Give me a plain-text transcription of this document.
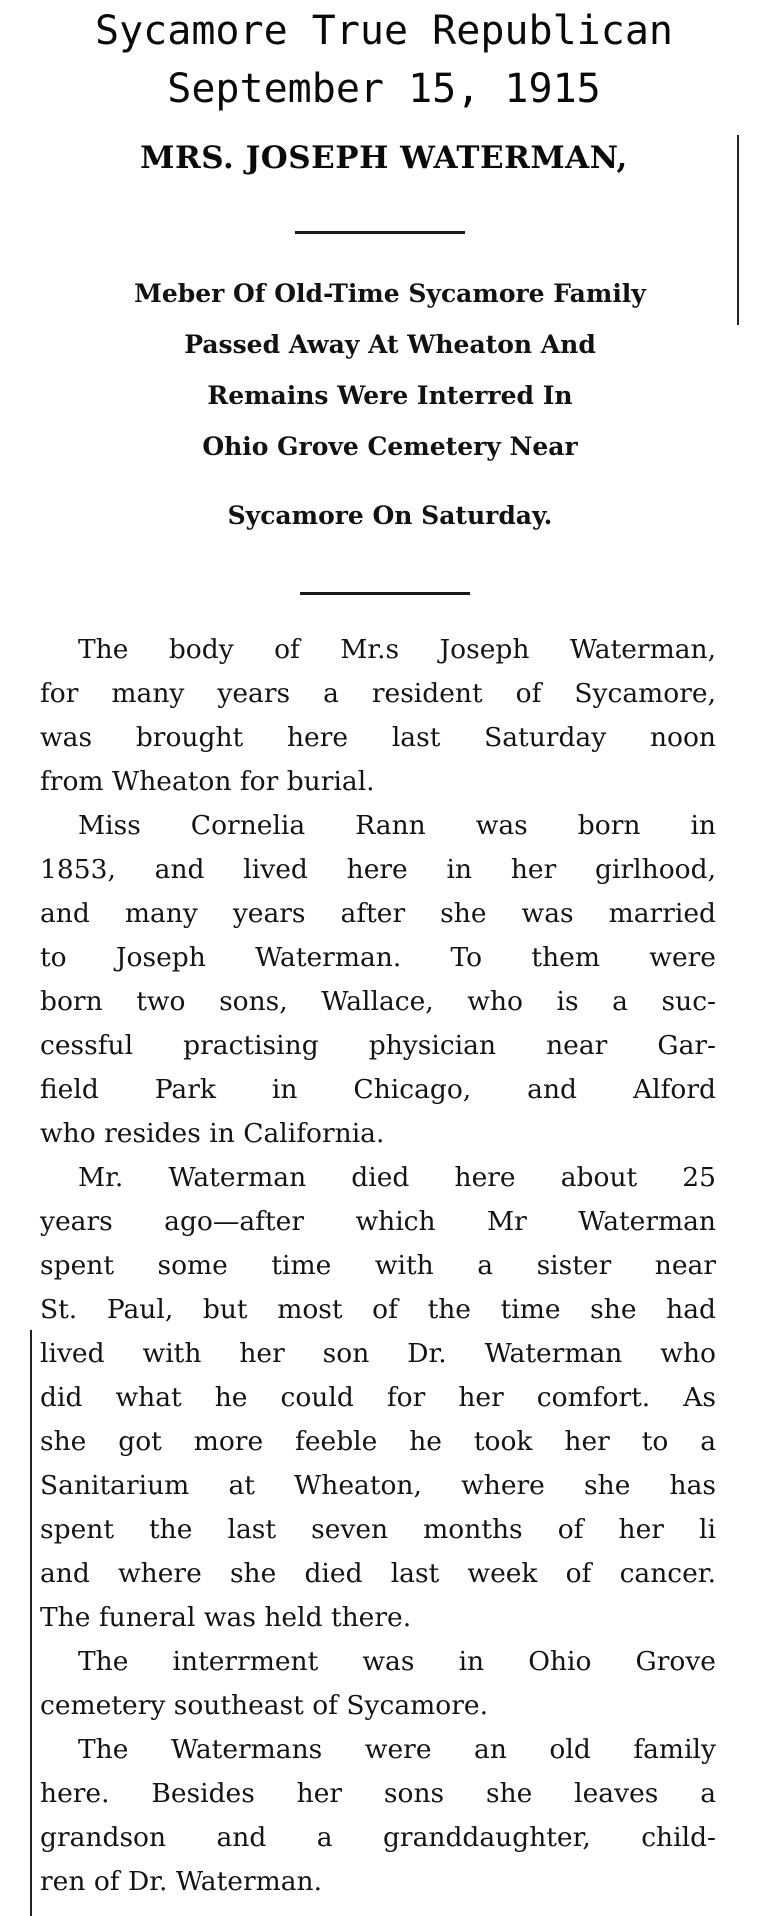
Sycamore True Republican
September 15, 1915
MRS. JOSEPH WATERMAN,
Meber Of Old-Time Sycamore Family
Passed Away At Wheaton And
Remains Were Interred In
Ohio Grove Cemetery Near
Sycamore On Saturday.
The body of Mr.s Joseph Waterman,
for many years a resident of Sycamore,
was brought here last Saturday noon
from Wheaton for burial.
Miss Cornelia Rann was born in
1853, and lived here in her girlhood,
and many years after she was married
to Joseph Waterman. To them were
born two sons, Wallace, who is a suc-
cessful practising physician near Gar-
field Park in Chicago, and Alford
who resides in California.
Mr. Waterman died here about 25
years ago—after which Mr Waterman
spent some time with a sister near
St. Paul, but most of the time she had
lived with her son Dr. Waterman who
did what he could for her comfort. As
she got more feeble he took her to a
Sanitarium at Wheaton, where she has
spent the last seven months of her li
and where she died last week of cancer.
The funeral was held there.
The interrment was in Ohio Grove
cemetery southeast of Sycamore.
The Watermans were an old family
here. Besides her sons she leaves a
grandson and a granddaughter, child-
ren of Dr. Waterman.
